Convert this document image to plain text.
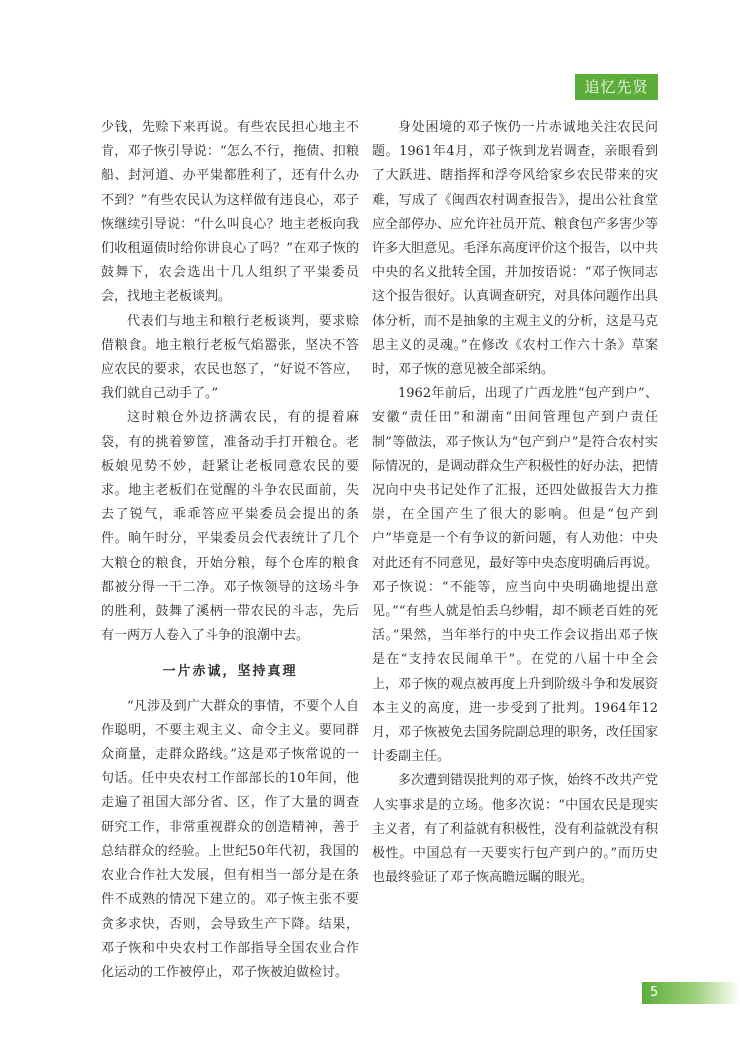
追忆先贤

少钱，先赊下来再说。有些农民担心地主不肯，邓子恢引导说：“怎么不行，拖债、扣粮船、封河道、办平粜都胜利了，还有什么办不到？”有些农民认为这样做有违良心，邓子恢继续引导说：“什么叫良心？地主老板向我们收租逼债时给你讲良心了吗？”在邓子恢的鼓舞下，农会选出十几人组织了平粜委员会，找地主老板谈判。

代表们与地主和粮行老板谈判，要求赊借粮食。地主粮行老板气焰嚣张，坚决不答应农民的要求，农民也怒了，“好说不答应，我们就自己动手了。”

这时粮仓外边挤满农民，有的提着麻袋，有的挑着箩筐，准备动手打开粮仓。老板娘见势不妙，赶紧让老板同意农民的要求。地主老板们在觉醒的斗争农民面前，失去了锐气，乖乖答应平粜委员会提出的条件。晌午时分，平粜委员会代表统计了几个大粮仓的粮食，开始分粮，每个仓库的粮食都被分得一干二净。邓子恢领导的这场斗争的胜利，鼓舞了溪柄一带农民的斗志，先后有一两万人卷入了斗争的浪潮中去。

一片赤诚，坚持真理

“凡涉及到广大群众的事情，不要个人自作聪明，不要主观主义、命令主义。要同群众商量，走群众路线。”这是邓子恢常说的一句话。任中央农村工作部部长的10年间，他走遍了祖国大部分省、区，作了大量的调查研究工作，非常重视群众的创造精神，善于总结群众的经验。上世纪50年代初，我国的农业合作社大发展，但有相当一部分是在条件不成熟的情况下建立的。邓子恢主张不要贪多求快，否则，会导致生产下降。结果，邓子恢和中央农村工作部指导全国农业合作化运动的工作被停止，邓子恢被迫做检讨。

身处困境的邓子恢仍一片赤诚地关注农民问题。1961年4月，邓子恢到龙岩调查，亲眼看到了大跃进、瞎指挥和浮夸风给家乡农民带来的灾难，写成了《闽西农村调查报告》，提出公社食堂应全部停办、应允许社员开荒、粮食包产多害少等许多大胆意见。毛泽东高度评价这个报告，以中共中央的名义批转全国，并加按语说：“邓子恢同志这个报告很好。认真调查研究，对具体问题作出具体分析，而不是抽象的主观主义的分析，这是马克思主义的灵魂。”在修改《农村工作六十条》草案时，邓子恢的意见被全部采纳。

1962年前后，出现了广西龙胜“包产到户”、安徽“责任田”和湖南“田间管理包产到户责任制”等做法，邓子恢认为“包产到户”是符合农村实际情况的，是调动群众生产积极性的好办法，把情况向中央书记处作了汇报，还四处做报告大力推崇，在全国产生了很大的影响。但是“包产到户”毕竟是一个有争议的新问题，有人劝他：中央对此还有不同意见，最好等中央态度明确后再说。邓子恢说：“不能等，应当向中央明确地提出意见。”“有些人就是怕丢乌纱帽，却不顾老百姓的死活。”果然，当年举行的中央工作会议指出邓子恢是在“支持农民闹单干”。在党的八届十中全会上，邓子恢的观点被再度上升到阶级斗争和发展资本主义的高度，进一步受到了批判。1964年12月，邓子恢被免去国务院副总理的职务，改任国家计委副主任。

多次遭到错误批判的邓子恢，始终不改共产党人实事求是的立场。他多次说：“中国农民是现实主义者，有了利益就有积极性，没有利益就没有积极性。中国总有一天要实行包产到户的。”而历史也最终验证了邓子恢高瞻远瞩的眼光。

5
